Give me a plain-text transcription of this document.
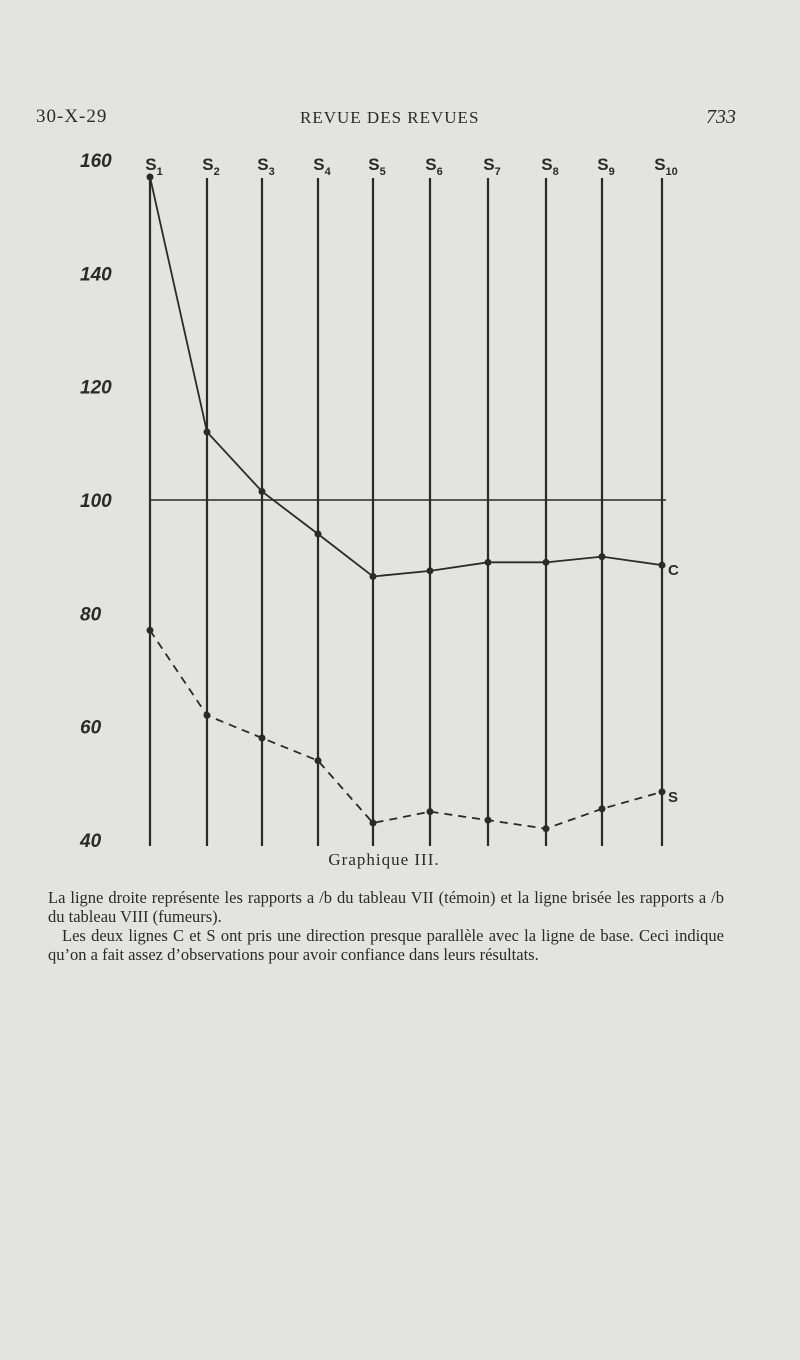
30-X-29	REVUE DES REVUES	733
$S_1$ $S_2$ $S_3$ $S_4$ $S_5$ $S_6$ $S_7$ $S_8$ $S_9$ $S_{10}$
160
140
120
100
80
60
40
C
S
Graphique III.

La ligne droite représente les rapports a /b du tableau VII (témoin) et la ligne brisée les rapports a /b du tableau VIII (fumeurs).

Les deux lignes C et S ont pris une direction presque parallèle avec la ligne de base. Ceci indique qu’on a fait assez d’observations pour avoir confiance dans leurs résultats.
